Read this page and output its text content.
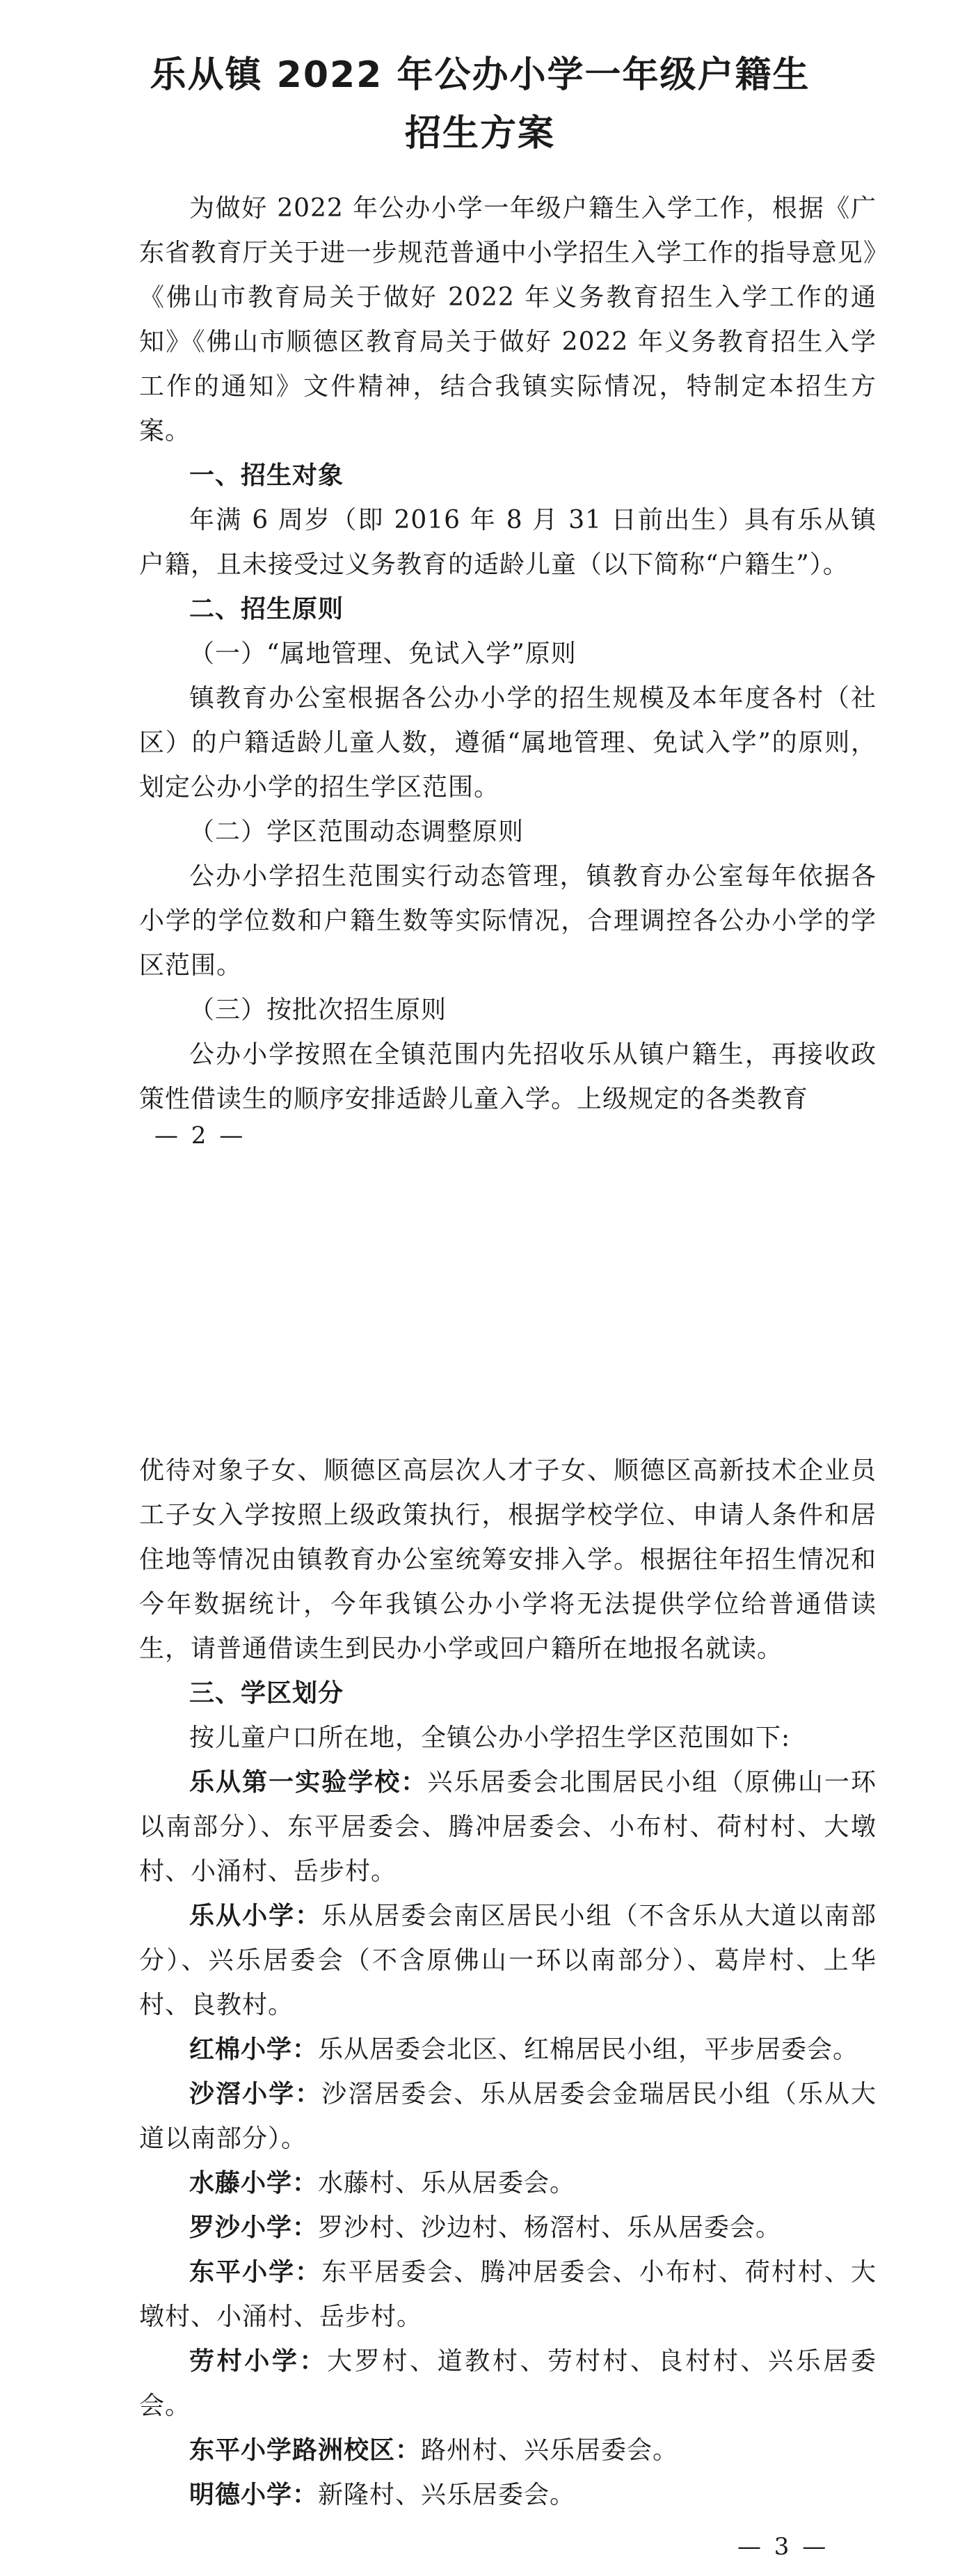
乐从镇 2022 年公办小学一年级户籍生
招生方案

为做好 2022 年公办小学一年级户籍生入学工作，根据《广东省教育厅关于进一步规范普通中小学招生入学工作的指导意见》《佛山市教育局关于做好 2022 年义务教育招生入学工作的通知》《佛山市顺德区教育局关于做好 2022 年义务教育招生入学工作的通知》文件精神，结合我镇实际情况，特制定本招生方案。

一、招生对象

年满 6 周岁（即 2016 年 8 月 31 日前出生）具有乐从镇户籍，且未接受过义务教育的适龄儿童（以下简称“户籍生”）。

二、招生原则
（一）“属地管理、免试入学”原则

镇教育办公室根据各公办小学的招生规模及本年度各村（社区）的户籍适龄儿童人数，遵循“属地管理、免试入学”的原则，划定公办小学的招生学区范围。

（二）学区范围动态调整原则

公办小学招生范围实行动态管理，镇教育办公室每年依据各小学的学位数和户籍生数等实际情况，合理调控各公办小学的学区范围。

（三）按批次招生原则

公办小学按照在全镇范围内先招收乐从镇户籍生，再接收政策性借读生的顺序安排适龄儿童入学。上级规定的各类教育

— 2 —

优待对象子女、顺德区高层次人才子女、顺德区高新技术企业员工子女入学按照上级政策执行，根据学校学位、申请人条件和居住地等情况由镇教育办公室统筹安排入学。根据往年招生情况和今年数据统计，今年我镇公办小学将无法提供学位给普通借读生，请普通借读生到民办小学或回户籍所在地报名就读。

三、学区划分

按儿童户口所在地，全镇公办小学招生学区范围如下:

乐从第一实验学校：兴乐居委会北围居民小组（原佛山一环以南部分）、东平居委会、腾冲居委会、小布村、荷村村、大墩村、小涌村、岳步村。

乐从小学：乐从居委会南区居民小组（不含乐从大道以南部分）、兴乐居委会（不含原佛山一环以南部分）、葛岸村、上华村、良教村。

红棉小学：乐从居委会北区、红棉居民小组，平步居委会。

沙滘小学：沙滘居委会、乐从居委会金瑞居民小组（乐从大道以南部分）。

水藤小学：水藤村、乐从居委会。

罗沙小学：罗沙村、沙边村、杨滘村、乐从居委会。

东平小学：东平居委会、腾冲居委会、小布村、荷村村、大墩村、小涌村、岳步村。

劳村小学：大罗村、道教村、劳村村、良村村、兴乐居委会。

东平小学路洲校区：路州村、兴乐居委会。

明德小学：新隆村、兴乐居委会。

— 3 —
